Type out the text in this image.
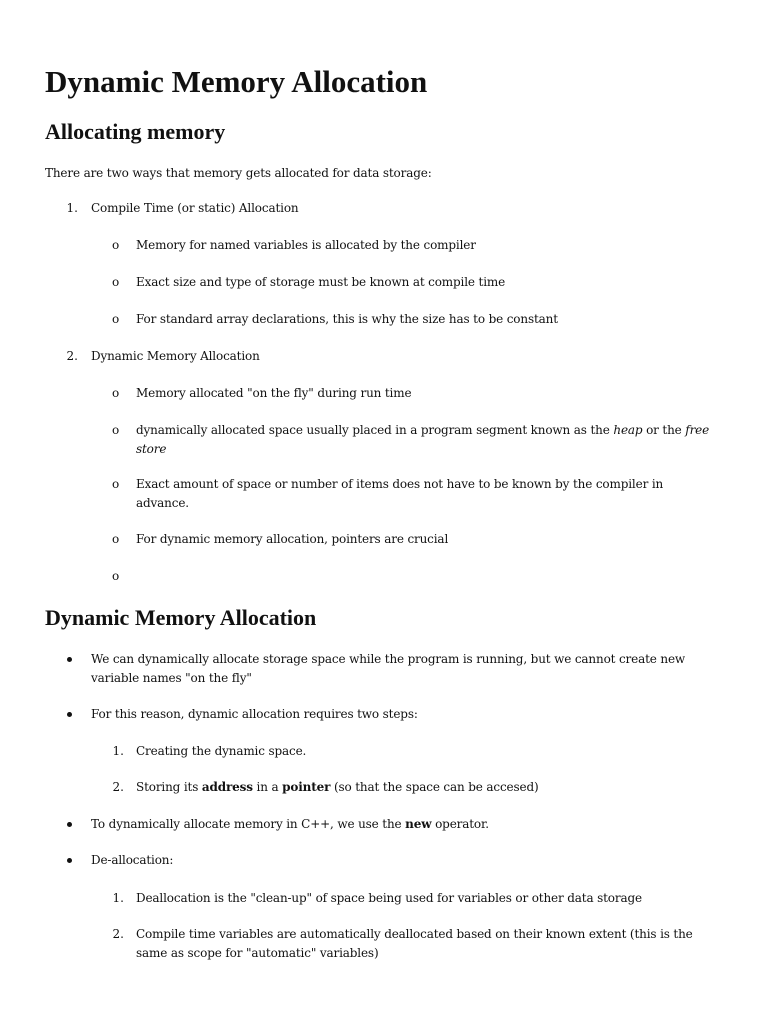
Dynamic Memory Allocation
Allocating memory

There are two ways that memory gets allocated for data storage:

1. Compile Time (or static) Allocation

o Memory for named variables is allocated by the compiler

o Exact size and type of storage must be known at compile time

o For standard array declarations, this is why the size has to be constant

2. Dynamic Memory Allocation

o Memory allocated "on the fly" during run time

o dynamically allocated space usually placed in a program segment known as the heap or the free store

o Exact amount of space or number of items does not have to be known by the compiler in advance.

o For dynamic memory allocation, pointers are crucial

o

Dynamic Memory Allocation

We can dynamically allocate storage space while the program is running, but we cannot create new variable names "on the fly"

For this reason, dynamic allocation requires two steps:

1. Creating the dynamic space.

2. Storing its address in a pointer (so that the space can be accesed)

To dynamically allocate memory in C++, we use the new operator.

De-allocation:

1. Deallocation is the "clean-up" of space being used for variables or other data storage

2. Compile time variables are automatically deallocated based on their known extent (this is the same as scope for "automatic" variables)
